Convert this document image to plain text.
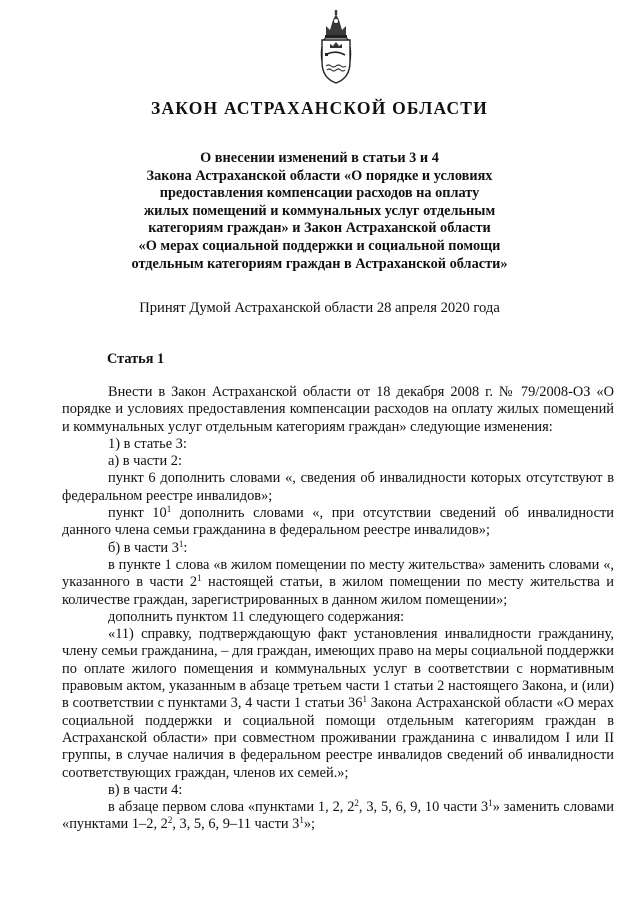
ЗАКОН АСТРАХАНСКОЙ ОБЛАСТИ
О внесении изменений в статьи 3 и 4
Закона Астраханской области «О порядке и условиях
предоставления компенсации расходов на оплату
жилых помещений и коммунальных услуг отдельным
категориям граждан» и Закон Астраханской области
«О мерах социальной поддержки и социальной помощи
отдельным категориям граждан в Астраханской области»
Принят Думой Астраханской области 28 апреля 2020 года
Статья 1

Внести в Закон Астраханской области от 18 декабря 2008 г. № 79/2008-ОЗ «О порядке и условиях предоставления компенсации расходов на оплату жилых помещений и коммунальных услуг отдельным категориям граждан» следующие изменения:

1) в статье 3:

а) в части 2:

пункт 6 дополнить словами «, сведения об инвалидности которых отсутствуют в федеральном реестре инвалидов»;

пункт $10^1$ дополнить словами «, при отсутствии сведений об инвалидности данного члена семьи гражданина в федеральном реестре инвалидов»;

б) в части $3^1$:

в пункте 1 слова «в жилом помещении по месту жительства» заменить словами «, указанного в части $2^1$ настоящей статьи, в жилом помещении по месту жительства и количестве граждан, зарегистрированных в данном жилом помещении»;

дополнить пунктом 11 следующего содержания:

«11) справку, подтверждающую факт установления инвалидности гражданину, члену семьи гражданина, – для граждан, имеющих право на меры социальной поддержки по оплате жилого помещения и коммунальных услуг в соответствии с нормативным правовым актом, указанным в абзаце третьем части 1 статьи 2 настоящего Закона, и (или) в соответствии с пунктами 3, 4 части 1 статьи $36^1$ Закона Астраханской области «О мерах социальной поддержки и социальной помощи отдельным категориям граждан в Астраханской области» при совместном проживании гражданина с инвалидом I или II группы, в случае наличия в федеральном реестре инвалидов сведений об инвалидности соответствующих граждан, членов их семей.»;

в) в части 4:

в абзаце первом слова «пунктами 1, 2, $2^2$, 3, 5, 6, 9, 10 части $3^1$» заменить словами «пунктами 1–2, $2^2$, 3, 5, 6, 9–11 части $3^1$»;
